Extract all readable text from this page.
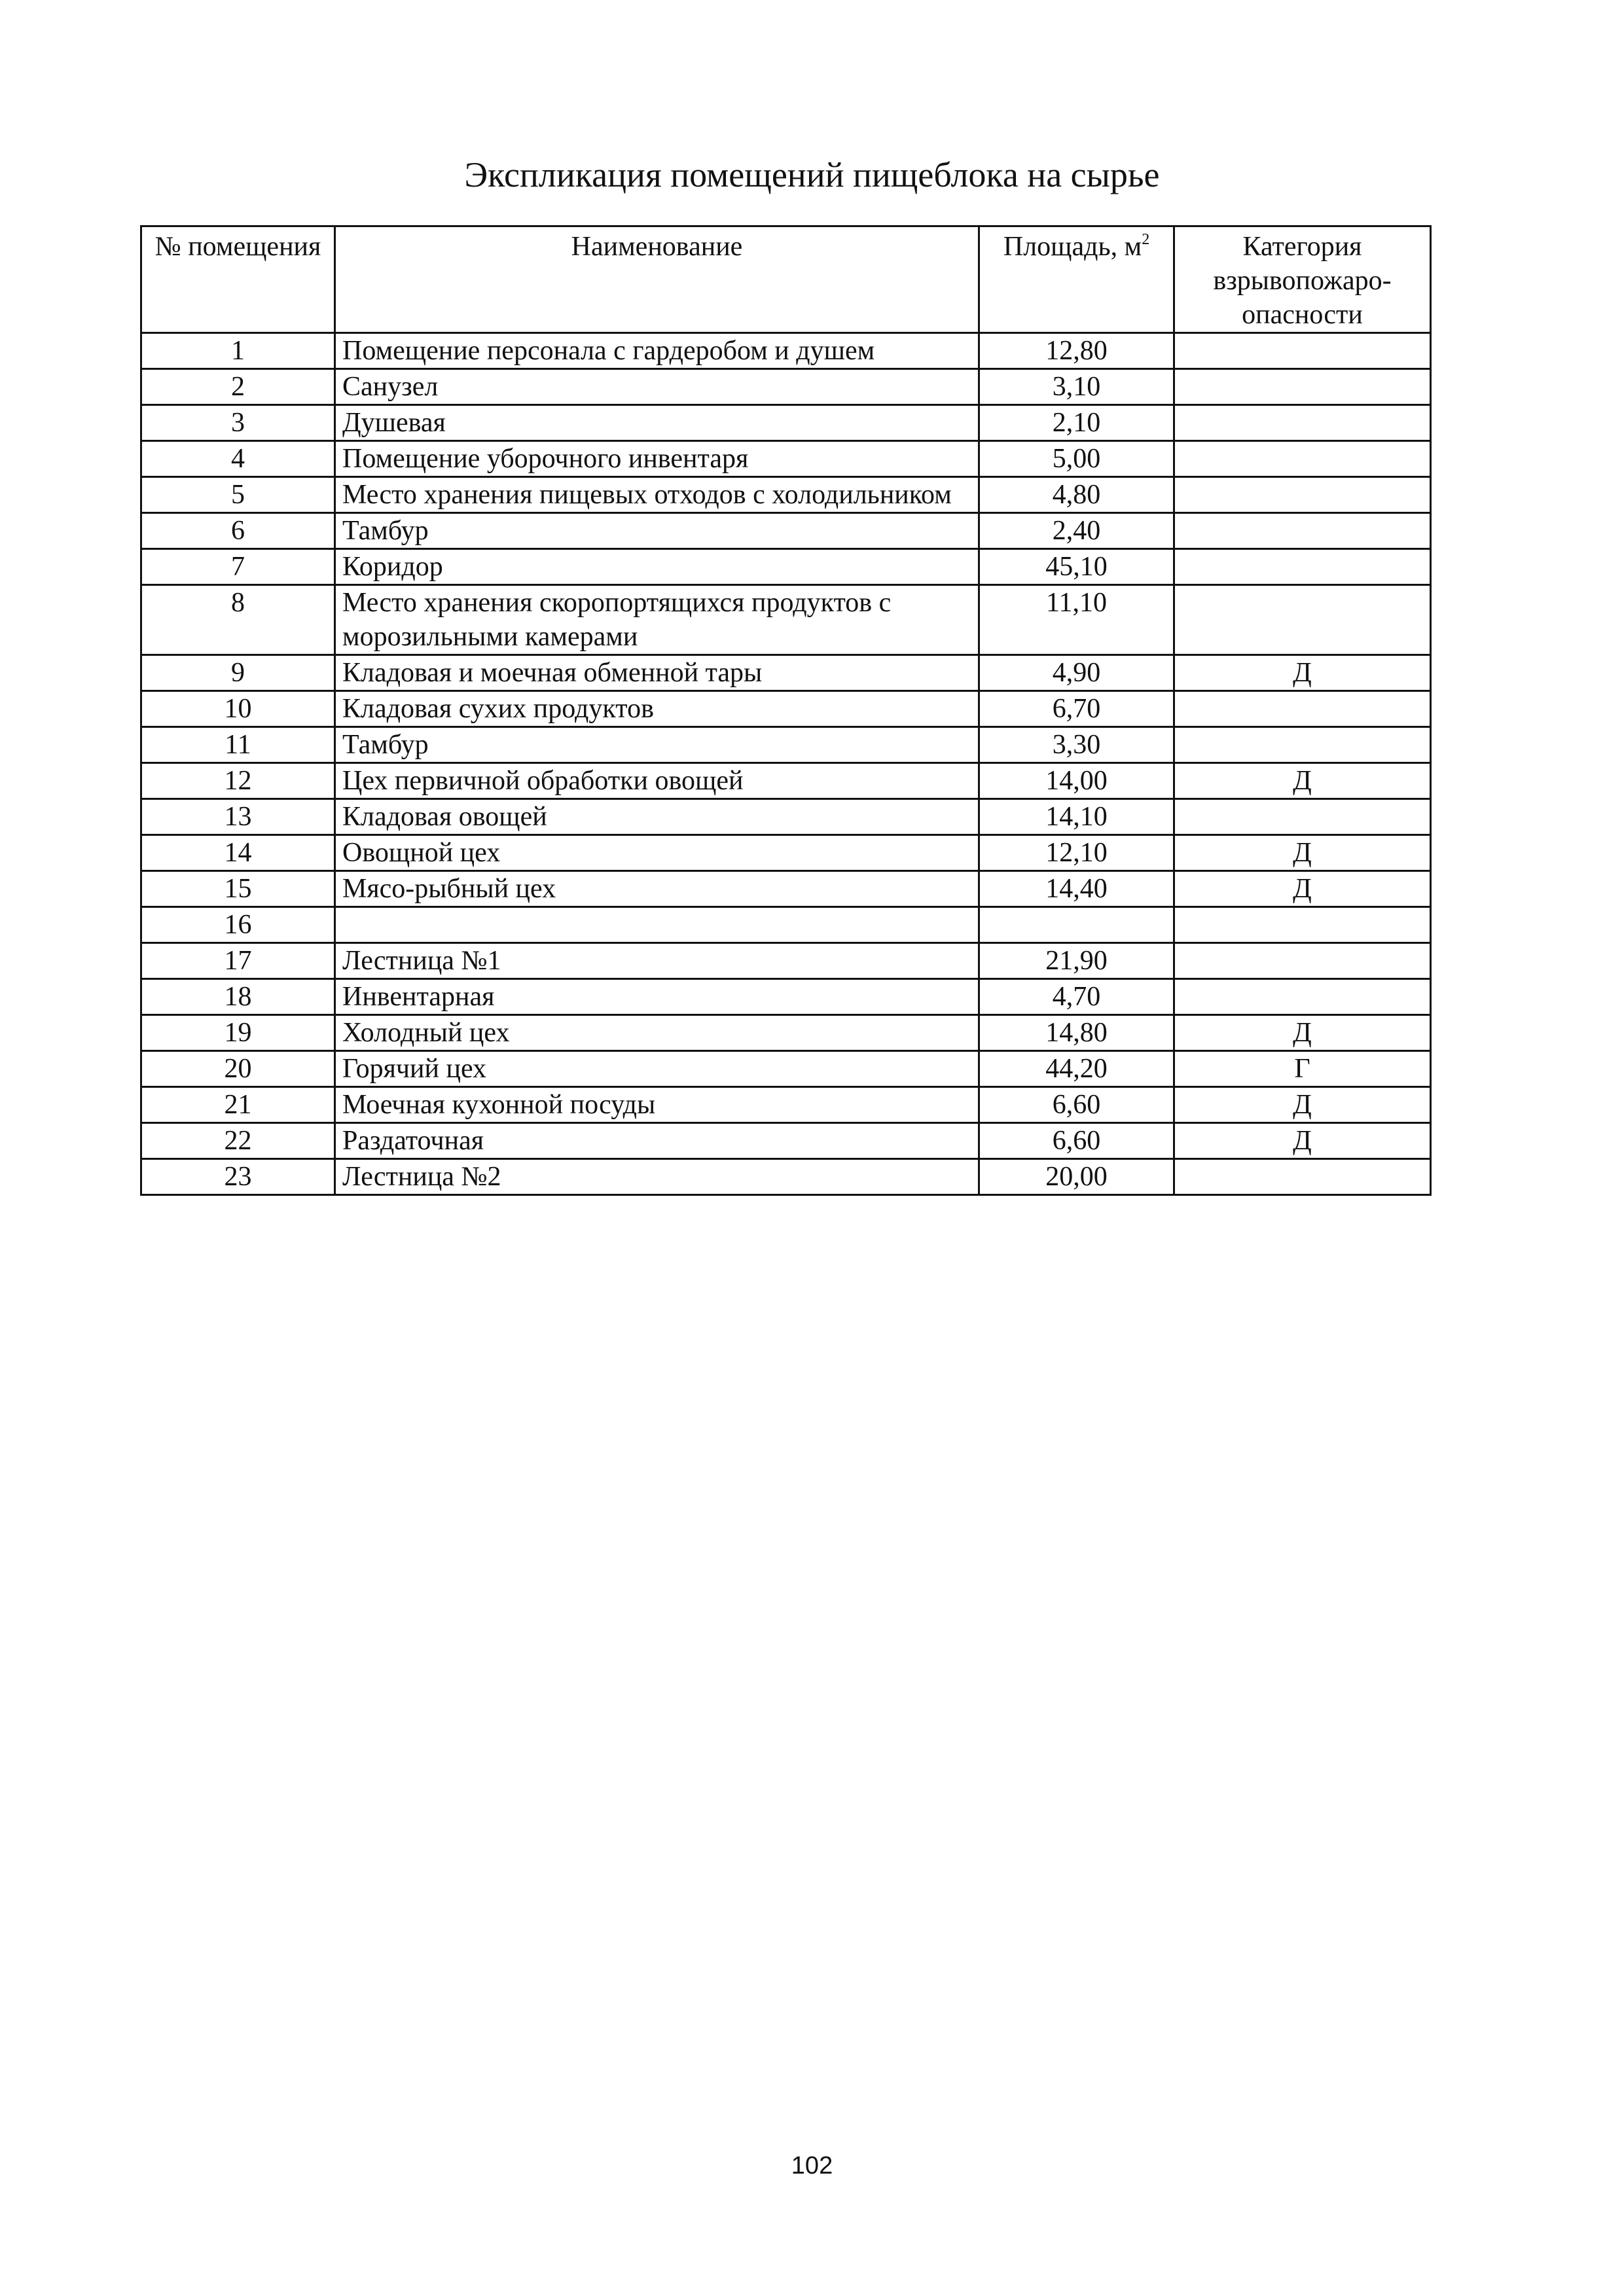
Экспликация помещений пищеблока на сырье
№ помещения	Наименование	Площадь, $м^2$	Категория взрывопожаро-опасности
1	Помещение персонала с гардеробом и душем	12,80	
2	Санузел	3,10	
3	Душевая	2,10	
4	Помещение уборочного инвентаря	5,00	
5	Место хранения пищевых отходов с холодильником	4,80	
6	Тамбур	2,40	
7	Коридор	45,10	
8	Место хранения скоропортящихся продуктов с морозильными камерами	11,10	
9	Кладовая и моечная обменной тары	4,90	Д
10	Кладовая сухих продуктов	6,70	
11	Тамбур	3,30	
12	Цех первичной обработки овощей	14,00	Д
13	Кладовая овощей	14,10	
14	Овощной цех	12,10	Д
15	Мясо-рыбный цех	14,40	Д
16			
17	Лестница №1	21,90	
18	Инвентарная	4,70	
19	Холодный цех	14,80	Д
20	Горячий цех	44,20	Г
21	Моечная кухонной посуды	6,60	Д
22	Раздаточная	6,60	Д
23	Лестница №2	20,00	
102
